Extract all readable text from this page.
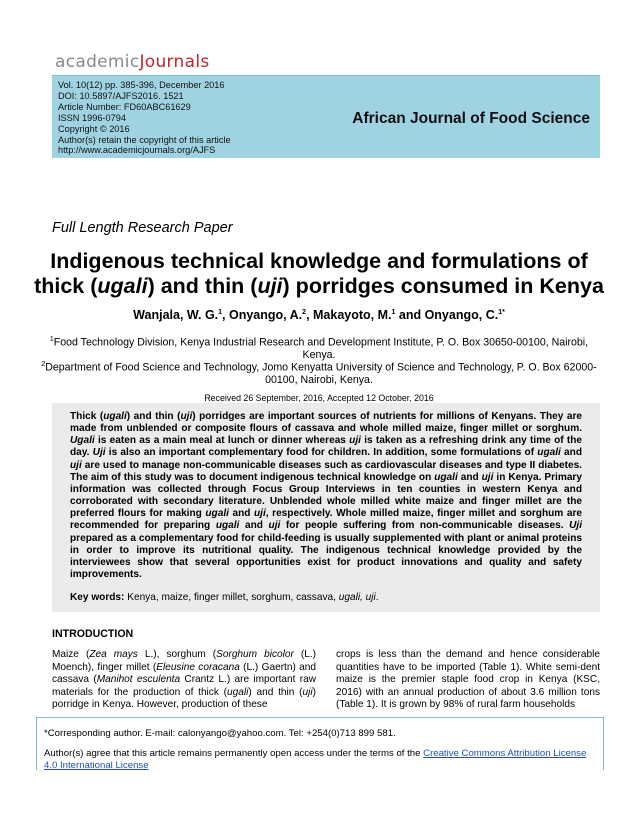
academicJournals
Vol. 10(12) pp. 385-396, December 2016
DOI: 10.5897/AJFS2016. 1521
Article Number: FD60ABC61629
ISSN 1996-0794
Copyright © 2016
Author(s) retain the copyright of this article
http://www.academicjournals.org/AJFS
African Journal of Food Science
Full Length Research Paper
Indigenous technical knowledge and formulations of
thick (ugali) and thin (uji) porridges consumed in Kenya
Wanjala, W. G.$^1$, Onyango, A.$^2$, Makayoto, M.$^1$ and Onyango, C.$^{1*}$
$^1$Food Technology Division, Kenya Industrial Research and Development Institute, P. O. Box 30650-00100, Nairobi,
Kenya.
$^2$Department of Food Science and Technology, Jomo Kenyatta University of Science and Technology, P. O. Box 62000-
00100, Nairobi, Kenya.
Received 26 September, 2016, Accepted 12 October, 2016

Thick (ugali) and thin (uji) porridges are important sources of nutrients for millions of Kenyans. They are made from unblended or composite flours of cassava and whole milled maize, finger millet or sorghum. Ugali is eaten as a main meal at lunch or dinner whereas uji is taken as a refreshing drink any time of the day. Uji is also an important complementary food for children. In addition, some formulations of ugali and uji are used to manage non-communicable diseases such as cardiovascular diseases and type II diabetes. The aim of this study was to document indigenous technical knowledge on ugali and uji in Kenya. Primary information was collected through Focus Group Interviews in ten counties in western Kenya and corroborated with secondary literature. Unblended whole milled white maize and finger millet are the preferred flours for making ugali and uji, respectively. Whole milled maize, finger millet and sorghum are recommended for preparing ugali and uji for people suffering from non-communicable diseases. Uji prepared as a complementary food for child-feeding is usually supplemented with plant or animal proteins in order to improve its nutritional quality. The indigenous technical knowledge provided by the interviewees show that several opportunities exist for product innovations and quality and safety improvements.

Key words: Kenya, maize, finger millet, sorghum, cassava, ugali, uji.
INTRODUCTION
Maize (Zea mays L.), sorghum (Sorghum bicolor (L.) Moench), finger millet (Eleusine coracana (L.) Gaertn) and cassava (Manihot esculenta Crantz L.) are important raw materials for the production of thick (ugali) and thin (uji) porridge in Kenya. However, production of these
crops is less than the demand and hence considerable quantities have to be imported (Table 1). White semi-dent maize is the premier staple food crop in Kenya (KSC, 2016) with an annual production of about 3.6 million tons (Table 1). It is grown by 98% of rural farm households
*Corresponding author. E-mail: calonyango@yahoo.com. Tel: +254(0)713 899 581.
Author(s) agree that this article remains permanently open access under the terms of the Creative Commons Attribution License 4.0 International License
